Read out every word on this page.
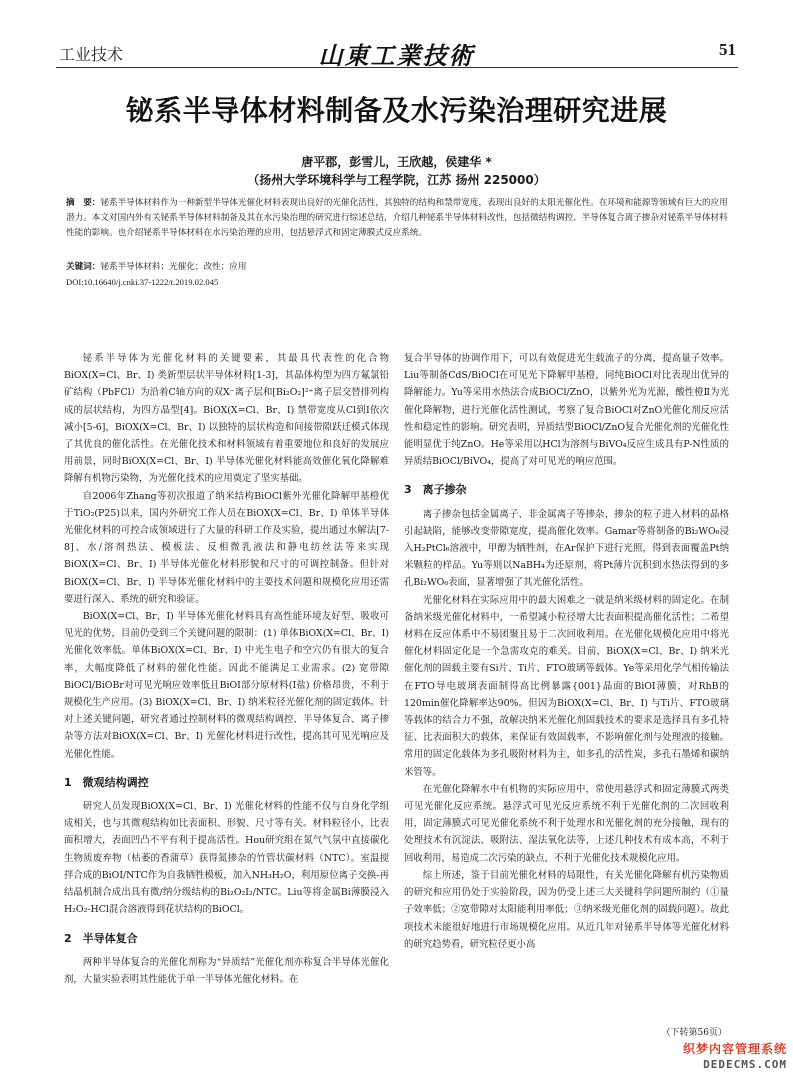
工业技术	山東工業技術	51
铋系半导体材料制备及水污染治理研究进展
唐平郡，彭雪儿，王欣越，侯建华 *
（扬州大学环境科学与工程学院，江苏 扬州 225000）
摘　要：铋系半导体材料作为一种新型半导体光催化材料表现出良好的光催化活性，其独特的结构和禁带宽度，表现出良好的太阳光催化性。在环境和能源等领域有巨大的应用潜力。本文对国内外有关铋系半导体材料制备及其在水污染治理的研究进行综述总结，介绍几种铋系半导体材料改性，包括微结构调控、半导体复合离子掺杂对铋系半导体材料性能的影响。也介绍铋系半导体材料在水污染治理的应用，包括悬浮式和固定薄膜式反应系统。
关键词：铋系半导体材料；光催化；改性；应用
DOI:10.16640/j.cnki.37-1222/t.2019.02.045

铋系半导体为光催化材料的关键要素，其最具代表性的化合物BiOX(X=Cl、Br、I) 类新型层状半导体材料[1-3]，其晶体构型为四方氟氯铅矿结构（PbFCl）为沿着C轴方向的双X⁻离子层和[Bi₂O₂]²⁺离子层交替排列构成的层状结构，为四方晶型[4]。BiOX(X=Cl、Br、I) 禁带宽度从Cl到I依次减小[5-6]，BiOX(X=Cl、Br、I) 以独特的层状构造和间接带隙跃迁模式体现了其优良的催化活性。在光催化技术和材料领域有着重要地位和良好的发展应用前景，同时BiOX(X=Cl、Br、I) 半导体光催化材料能高效催化氧化降解难降解有机物污染物，为光催化技术的应用奠定了坚实基础。

自2006年Zhang等初次报道了纳米结构BiOCl紫外光催化降解甲基橙优于TiO₂(P25)以来，国内外研究工作人员在BiOX(X=Cl、Br、I) 单体半导体光催化材料的可控合成领域进行了大量的科研工作及实验，提出通过水解法[7-8]、水/溶剂热法、模板法、反相微乳液法和静电纺丝法等来实现BiOX(X=Cl、Br、I) 半导体光催化材料形貌和尺寸的可调控制备。但针对BiOX(X=Cl、Br、I) 半导体光催化材料中的主要技术问题和规模化应用还需要进行深入、系统的研究和验证。

BiOX(X=Cl、Br、I) 半导体光催化材料具有高性能环境友好型、吸收可见光的优势，目前仍受到三个关键问题的限制：(1) 单体BiOX(X=Cl、Br、I) 光催化效率低。单体BiOX(X=Cl、Br、I) 中光生电子和空穴仍有很大的复合率，大幅度降低了材料的催化性能。因此不能满足工业需求。(2) 宽带隙BiOCl/BiOBr对可见光响应效率低且BiOI部分原材料(I盐) 价格昂贵，不利于规模化生产应用。(3) BiOX(X=Cl、Br、I) 纳米粒径光催化剂的固定载体。针对上述关键问题，研究者通过控制材料的微观结构调控、半导体复合、离子掺杂等方法对BiOX(X=Cl、Br、I) 光催化材料进行改性，提高其可见光响应及光催化性能。

1　微观结构调控

研究人员发现BiOX(X=Cl、Br、I) 光催化材料的性能不仅与自身化学组成相关，也与其微观结构如比表面积、形貌、尺寸等有关。材料粒径小，比表面积增大，表面凹凸不平有利于提高活性。Hou研究组在氮气气氛中直接碳化生物质废弃物（枯萎的香蒲草）获得氮掺杂的竹管状碳材料（NTC）。室温搅拌合成的BiOI/NTC作为自我牺牲模板，加入NH₃H₂O，利用原位离子交换-再结晶机制合成出具有微/纳分级结构的Bi₂O₂I₂/NTC。Liu等将金属Bi薄膜浸入H₂O₂-HCl混合溶液得到花状结构的BiOCl。

2　半导体复合

两种半导体复合的光催化剂称为“异质结”光催化剂亦称复合半导体光催化剂，大量实验表明其性能优于单一半导体光催化材料。在

复合半导体的协调作用下，可以有效促进光生载流子的分离，提高量子效率。Liu等制备CdS/BiOCl在可见光下降解甲基橙，同纯BiOCl对比表现出优异的降解能力。Yu等采用水热法合成BiOCl/ZnO，以紫外光为光源，酸性橙Ⅱ为光催化降解物，进行光催化活性测试，考察了复合BiOCl对ZnO光催化剂反应活性和稳定性的影响。研究表明，异质结型BiOCl/ZnO复合光催化剂的光催化性能明显优于纯ZnO。He等采用以HCl为溶剂与BiVO₄反应生成具有P-N性质的异质结BiOCl/BiVO₄，提高了对可见光的响应范围。

3　离子掺杂

离子掺杂包括金属离子、非金属离子等掺杂，掺杂的粒子进入材料的晶格引起缺陷，能够改变带隙宽度，提高催化效率。Gamar等将制备的Bi₂WO₆浸入H₂PtCl₆溶液中，甲醇为牺牲剂，在Ar保护下进行光照，得到表面覆盖Pt纳米颗粒的样品。Yu等则以NaBH₄为还原剂，将Pt薄片沉积到水热法得到的多孔Bi₂WO₆表面，显著增强了其光催化活性。

光催化材料在实际应用中的最大困难之一就是纳米级材料的固定化。在制备纳米级光催化材料中，一希望减小粒径增大比表面积提高催化活性；二希望材料在反应体系中不易团聚且易于二次回收利用。在光催化规模化应用中将光催化材料固定化是一个急需攻克的难关。目前，BiOX(X=Cl、Br、I) 纳米光催化剂的固载主要有Si片、Ti片、FTO玻璃等载体。Ye等采用化学气相传输法在FTO导电玻璃表面制得高比例暴露{001}晶面的BiOI薄膜，对RhB的120min催化降解率达90%。但因为BiOX(X=Cl、Br、I) 与Ti片、FTO玻璃等载体的结合力不强，故解决纳米光催化剂固载技术的要求是选择具有多孔特征、比表面积大的载体，来保证有效固载率，不影响催化剂与处理液的接触。常用的固定化载体为多孔吸附材料为主，如多孔的活性炭，多孔石墨烯和碳纳米管等。

在光催化降解水中有机物的实际应用中，常使用悬浮式和固定薄膜式两类可见光催化反应系统。悬浮式可见光反应系统不利于光催化剂的二次回收利用，固定薄膜式可见光催化系统不利于处理水和光催化剂的充分接触，现有的处理技术有沉淀法、吸附法、湿法氧化法等，上述几种技术有成本高，不利于回收利用，易造成二次污染的缺点，不利于光催化技术规模化应用。

综上所述，鉴于目前光催化材料的局限性，有关光催化降解有机污染物质的研究和应用仍处于实验阶段，因为仍受上述三大关键科学问题所制约（①量子效率低；②宽带隙对太阳能利用率低；③纳米级光催化剂的固载问题）。故此项技术未能很好地进行市场规模化应用。从近几年对铋系半导体等光催化材料的研究趋势看，研究粒径更小高

（下转第56页）
织梦内容管理系统
DEDECMS.COM
